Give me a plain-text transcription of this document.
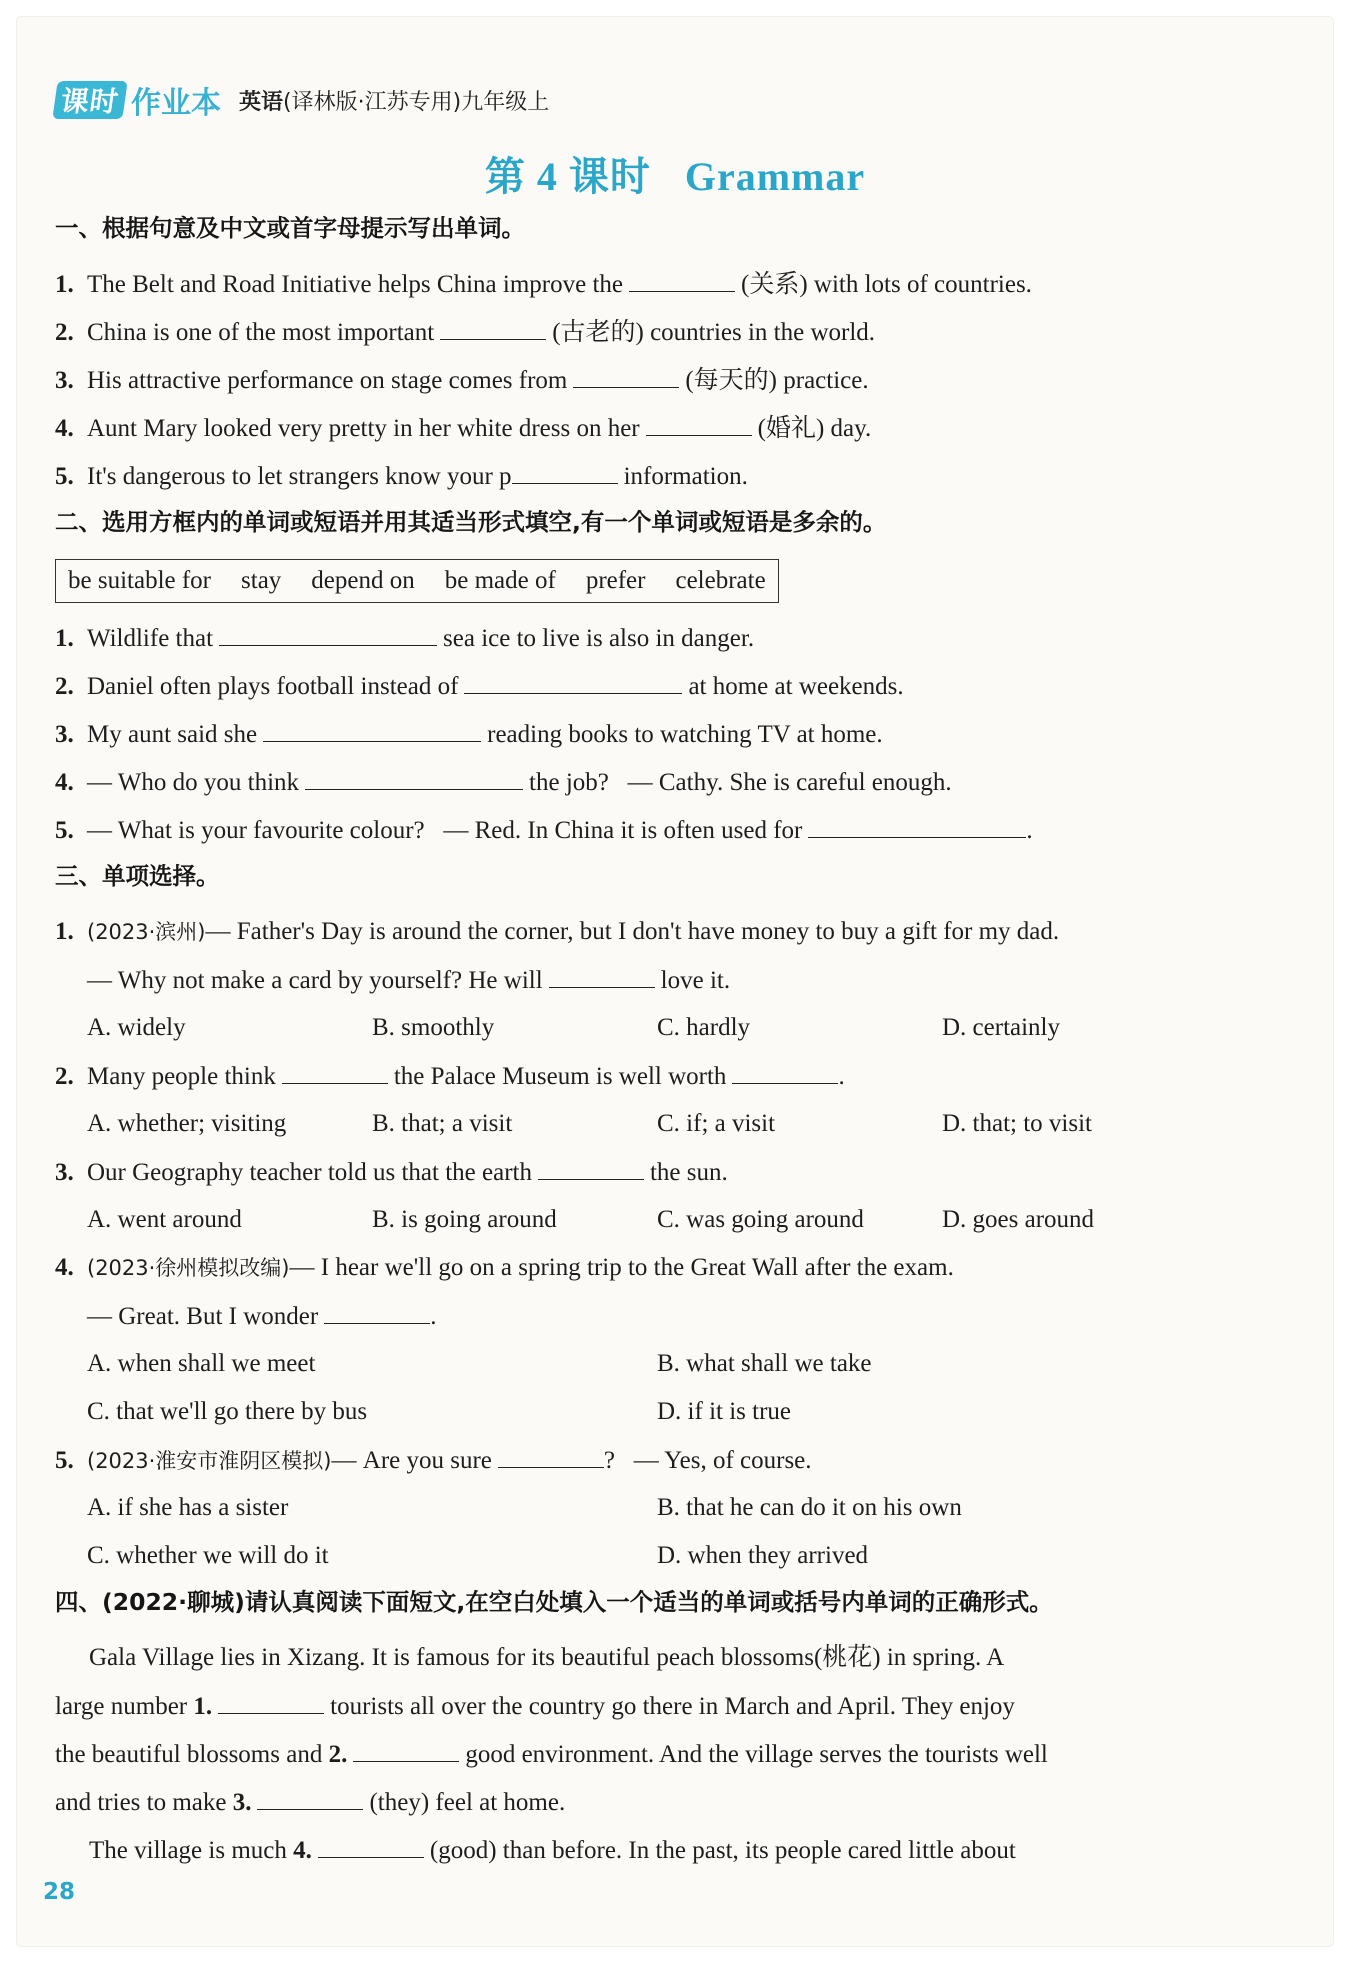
课时 作业本 英语(译林版·江苏专用)九年级上
第 4 课时 Grammar
一、根据句意及中文或首字母提示写出单词。
1. The Belt and Road Initiative helps China improve the	(关系) with lots of countries.
2. China is one of the most important	(古老的) countries in the world.
3. His attractive performance on stage comes from	(每天的) practice.
4. Aunt Mary looked very pretty in her white dress on her	(婚礼) day.
5. It's dangerous to let strangers know your p	information.
二、选用方框内的单词或短语并用其适当形式填空,有一个单词或短语是多余的。
be suitable for stay depend on be made of prefer celebrate
1. Wildlife that	sea ice to live is also in danger.
2. Daniel often plays football instead of	at home at weekends.
3. My aunt said she	reading books to watching TV at home.
4. — Who do you think	the job?   — Cathy. She is careful enough.
5. — What is your favourite colour?   — Red. In China it is often used for	.
三、单项选择。
1. (2023·滨州)— Father's Day is around the corner, but I don't have money to buy a gift for my dad.
— Why not make a card by yourself? He will	love it.
A. widely	B. smoothly	C. hardly	D. certainly
2. Many people think	the Palace Museum is well worth	.
A. whether; visiting	B. that; a visit	C. if; a visit	D. that; to visit
3. Our Geography teacher told us that the earth	the sun.
A. went around	B. is going around	C. was going around	D. goes around
4. (2023·徐州模拟改编)— I hear we'll go on a spring trip to the Great Wall after the exam.
— Great. But I wonder	.
A. when shall we meet	B. what shall we take
C. that we'll go there by bus	D. if it is true
5. (2023·淮安市淮阴区模拟)— Are you sure	?   — Yes, of course.
A. if she has a sister	B. that he can do it on his own
C. whether we will do it	D. when they arrived
四、(2022·聊城)请认真阅读下面短文,在空白处填入一个适当的单词或括号内单词的正确形式。
Gala Village lies in Xizang. It is famous for its beautiful peach blossoms(桃花) in spring. A
large number 1.	tourists all over the country go there in March and April. They enjoy
the beautiful blossoms and 2.	good environment. And the village serves the tourists well
and tries to make 3.	(they) feel at home.
The village is much 4.	(good) than before. In the past, its people cared little about
28
